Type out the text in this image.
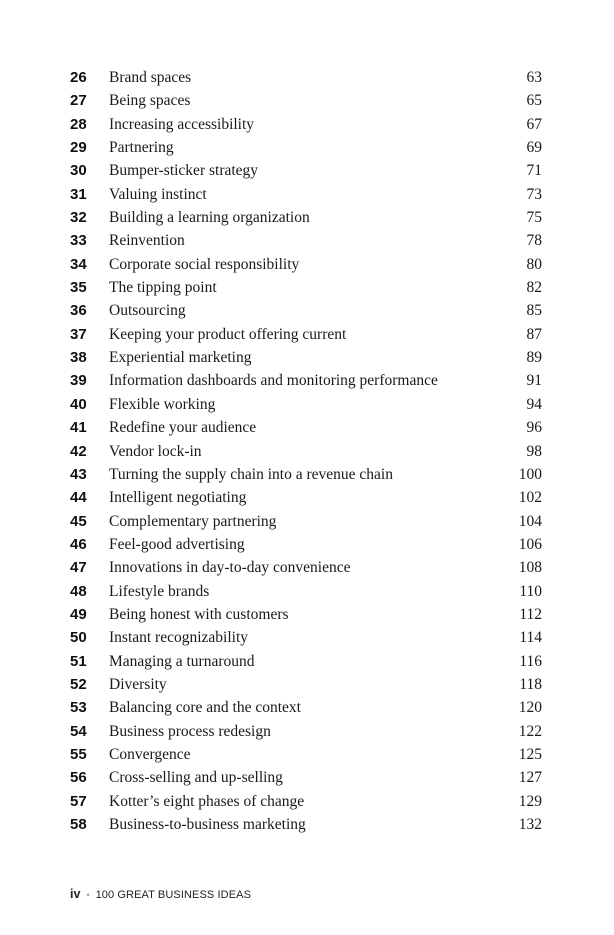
26	Brand spaces	63
27	Being spaces	65
28	Increasing accessibility	67
29	Partnering	69
30	Bumper-sticker strategy	71
31	Valuing instinct	73
32	Building a learning organization	75
33	Reinvention	78
34	Corporate social responsibility	80
35	The tipping point	82
36	Outsourcing	85
37	Keeping your product offering current	87
38	Experiential marketing	89
39	Information dashboards and monitoring performance	91
40	Flexible working	94
41	Redefine your audience	96
42	Vendor lock-in	98
43	Turning the supply chain into a revenue chain	100
44	Intelligent negotiating	102
45	Complementary partnering	104
46	Feel-good advertising	106
47	Innovations in day-to-day convenience	108
48	Lifestyle brands	110
49	Being honest with customers	112
50	Instant recognizability	114
51	Managing a turnaround	116
52	Diversity	118
53	Balancing core and the context	120
54	Business process redesign	122
55	Convergence	125
56	Cross-selling and up-selling	127
57	Kotter’s eight phases of change	129
58	Business-to-business marketing	132
iv • 100 GREAT BUSINESS IDEAS
